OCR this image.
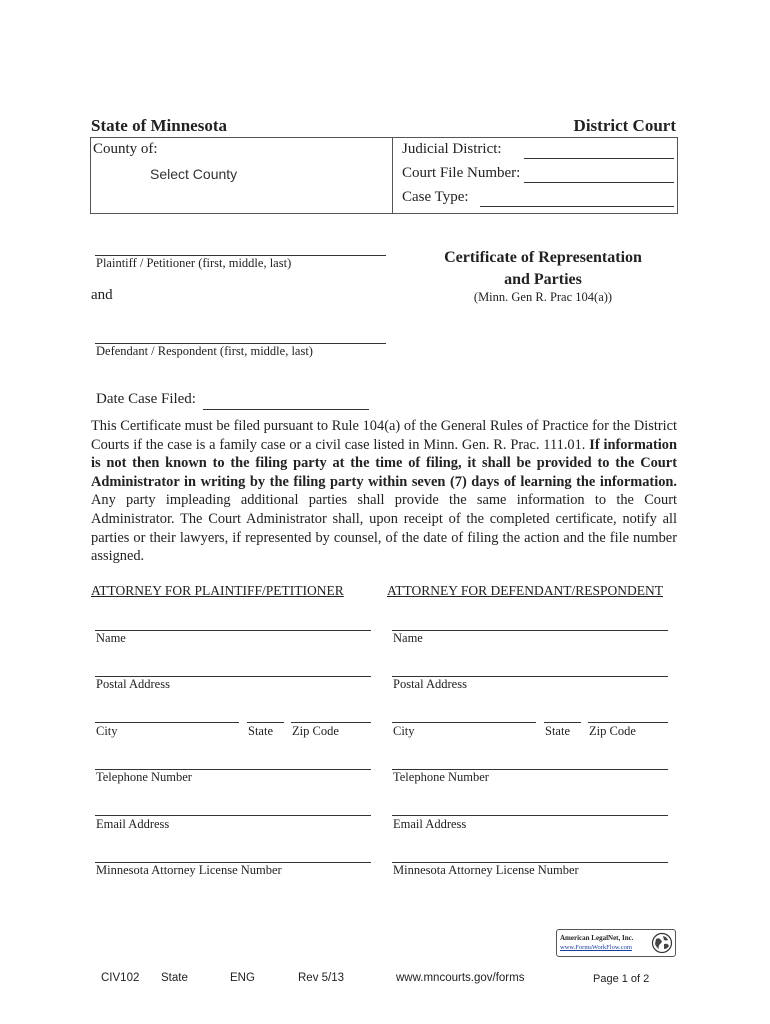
State of Minnesota	District Court
County of:
Select County
Judicial District:
Court File Number:
Case Type:
Plaintiff / Petitioner (first, middle, last)
and
Defendant / Respondent (first, middle, last)
Certificate of Representation
and Parties
(Minn. Gen R. Prac 104(a))
Date Case Filed:
This Certificate must be filed pursuant to Rule 104(a) of the General Rules of Practice for the District Courts if the case is a family case or a civil case listed in Minn. Gen. R. Prac. 111.01. If information is not then known to the filing party at the time of filing, it shall be provided to the Court Administrator in writing by the filing party within seven (7) days of learning the information. Any party impleading additional parties shall provide the same information to the Court Administrator. The Court Administrator shall, upon receipt of the completed certificate, notify all parties or their lawyers, if represented by counsel, of the date of filing the action and the file number assigned.
ATTORNEY FOR PLAINTIFF/PETITIONER
Name
Postal Address
City	State Zip Code
Telephone Number
Email Address
Minnesota Attorney License Number
ATTORNEY FOR DEFENDANT/RESPONDENT
Name
Postal Address
City	State Zip Code
Telephone Number
Email Address
Minnesota Attorney License Number
American LegalNet, Inc.
www.FormsWorkFlow.com
CIV102 State	ENG	Rev 5/13	www.mncourts.gov/forms	Page 1 of 2
